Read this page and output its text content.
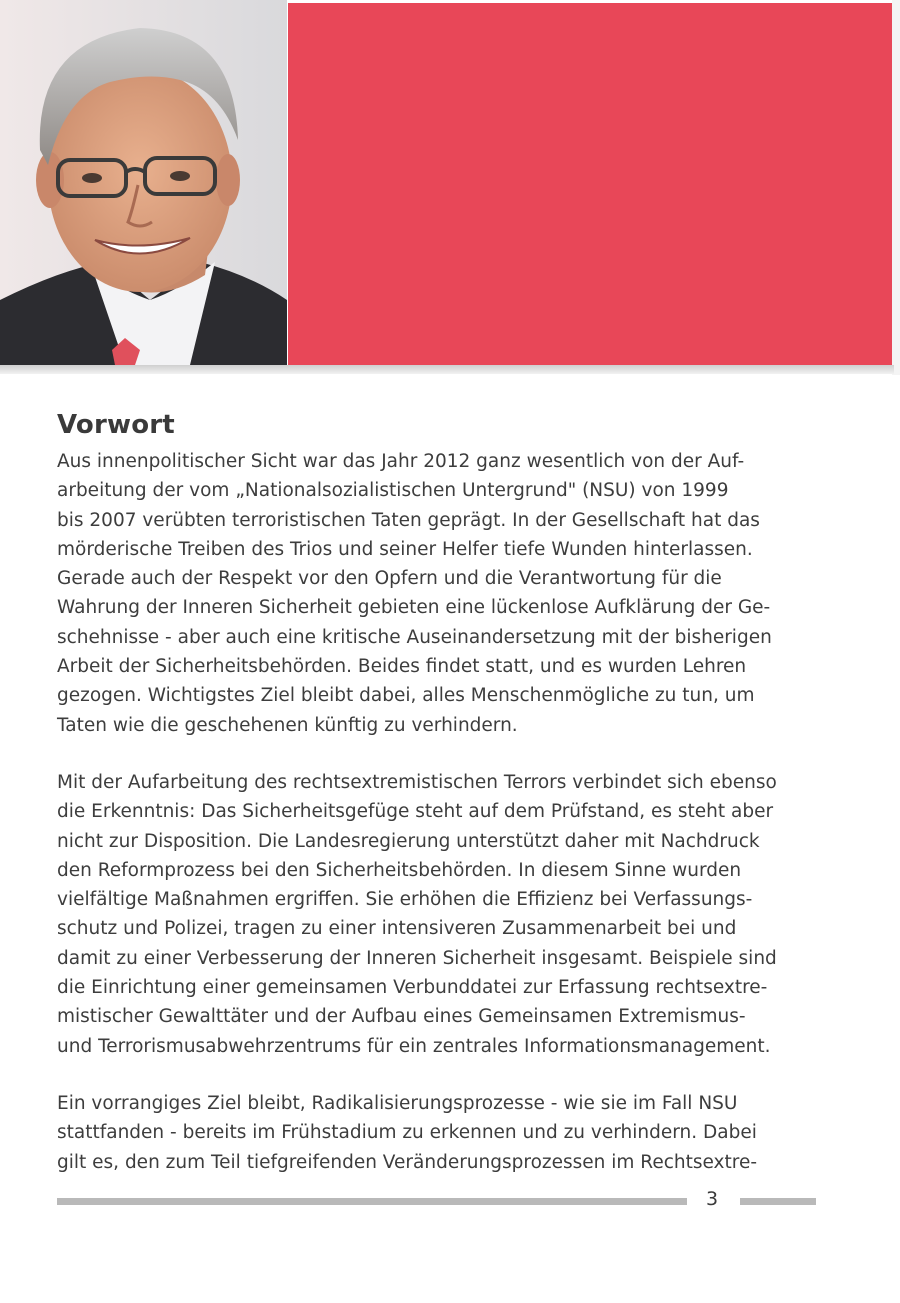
Vorwort

Aus innenpolitischer Sicht war das Jahr 2012 ganz wesentlich von der Auf-
arbeitung der vom „Nationalsozialistischen Untergrund" (NSU) von 1999
bis 2007 verübten terroristischen Taten geprägt. In der Gesellschaft hat das
mörderische Treiben des Trios und seiner Helfer tiefe Wunden hinterlassen.
Gerade auch der Respekt vor den Opfern und die Verantwortung für die
Wahrung der Inneren Sicherheit gebieten eine lückenlose Aufklärung der Ge-
schehnisse - aber auch eine kritische Auseinandersetzung mit der bisherigen
Arbeit der Sicherheitsbehörden. Beides findet statt, und es wurden Lehren
gezogen. Wichtigstes Ziel bleibt dabei, alles Menschenmögliche zu tun, um
Taten wie die geschehenen künftig zu verhindern.

Mit der Aufarbeitung des rechtsextremistischen Terrors verbindet sich ebenso
die Erkenntnis: Das Sicherheitsgefüge steht auf dem Prüfstand, es steht aber
nicht zur Disposition. Die Landesregierung unterstützt daher mit Nachdruck
den Reformprozess bei den Sicherheitsbehörden. In diesem Sinne wurden
vielfältige Maßnahmen ergriffen. Sie erhöhen die Effizienz bei Verfassungs-
schutz und Polizei, tragen zu einer intensiveren Zusammenarbeit bei und
damit zu einer Verbesserung der Inneren Sicherheit insgesamt. Beispiele sind
die Einrichtung einer gemeinsamen Verbunddatei zur Erfassung rechtsextre-
mistischer Gewalttäter und der Aufbau eines Gemeinsamen Extremismus-
und Terrorismusabwehrzentrums für ein zentrales Informationsmanagement.

Ein vorrangiges Ziel bleibt, Radikalisierungsprozesse - wie sie im Fall NSU
stattfanden - bereits im Frühstadium zu erkennen und zu verhindern. Dabei
gilt es, den zum Teil tiefgreifenden Veränderungsprozessen im Rechtsextre-

3
